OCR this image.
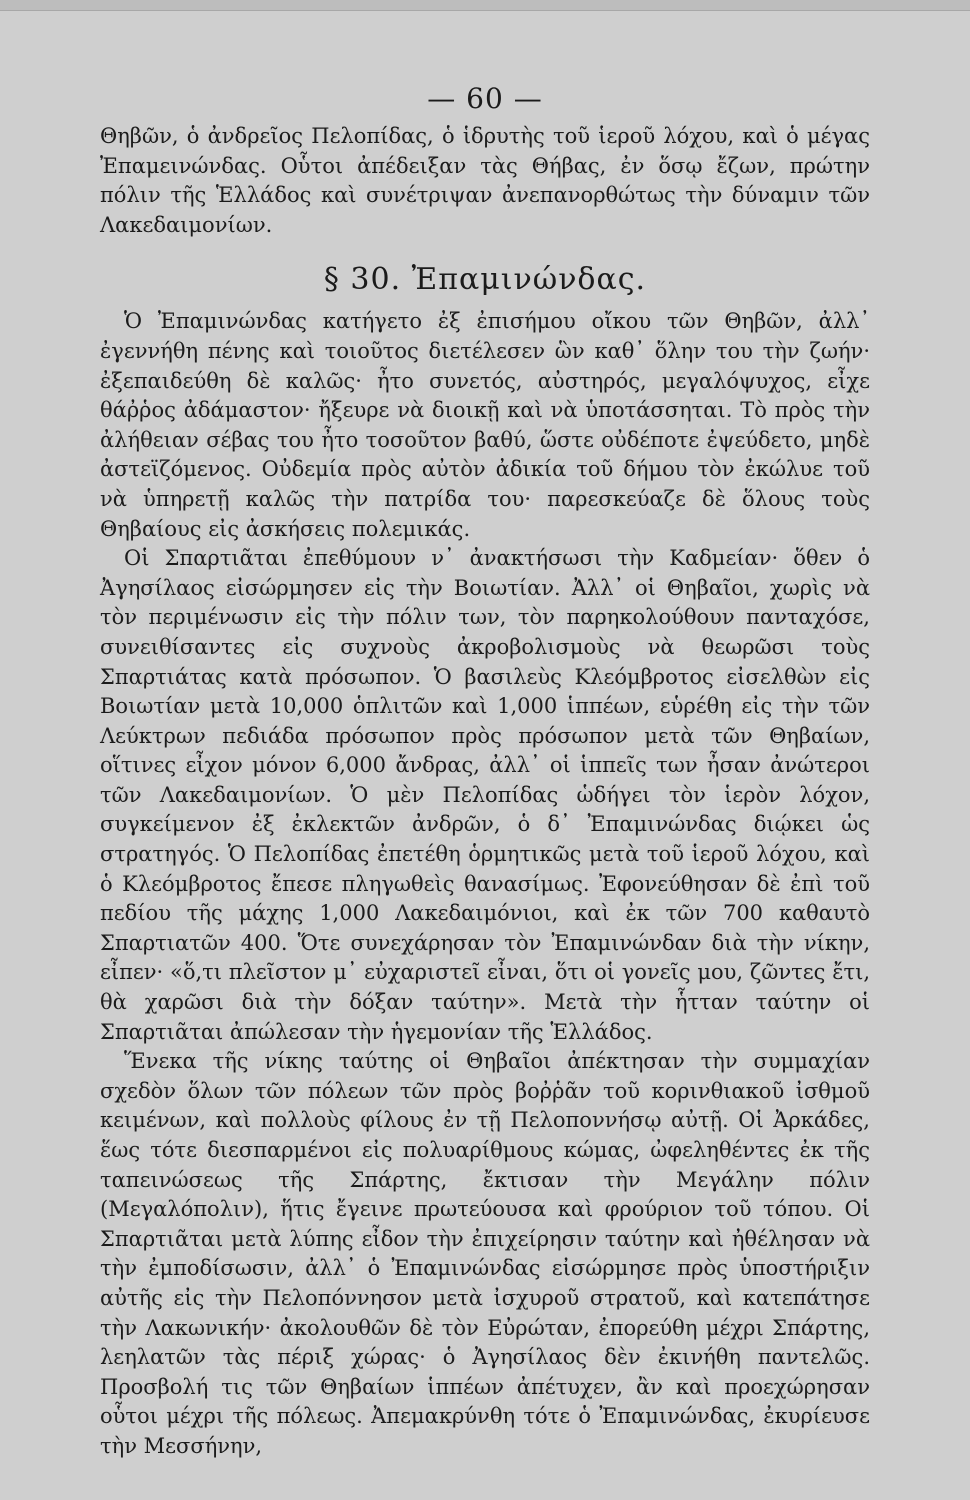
— 60 —

Θηβῶν, ὁ ἀνδρεῖος Πελοπίδας, ὁ ἱδρυτὴς τοῦ ἱεροῦ λόχου, καὶ ὁ μέγας Ἐπαμεινώνδας. Οὗτοι ἀπέδειξαν τὰς Θήβας, ἐν ὅσῳ ἔζων, πρώτην πόλιν τῆς Ἑλλάδος καὶ συνέτριψαν ἀνεπανορθώτως τὴν δύναμιν τῶν Λακεδαιμονίων.

§ 30. Ἐπαμινώνδας.

Ὁ Ἐπαμινώνδας κατήγετο ἐξ ἐπισήμου οἴκου τῶν Θηβῶν, ἀλλ᾽ ἐγεννήθη πένης καὶ τοιοῦτος διετέλεσεν ὣν καθ᾽ ὅλην του τὴν ζωήν· ἐξεπαιδεύθη δὲ καλῶς· ἦτο συνετός, αὐστηρός, μεγαλόψυχος, εἶχε θάῤῥος ἀδάμαστον· ἤξευρε νὰ διοικῇ καὶ νὰ ὑποτάσσηται. Τὸ πρὸς τὴν ἀλήθειαν σέβας του ἦτο τοσοῦτον βαθύ, ὥστε οὐδέποτε ἐψεύδετο, μηδὲ ἀστεϊζόμενος. Οὐδεμία πρὸς αὐτὸν ἀδικία τοῦ δήμου τὸν ἐκώλυε τοῦ νὰ ὑπηρετῇ καλῶς τὴν πατρίδα του· παρεσκεύαζε δὲ ὅλους τοὺς Θηβαίους εἰς ἀσκήσεις πολεμικάς.

Οἱ Σπαρτιᾶται ἐπεθύμουν ν᾽ ἀνακτήσωσι τὴν Καδμείαν· ὅθεν ὁ Ἀγησίλαος εἰσώρμησεν εἰς τὴν Βοιωτίαν. Ἀλλ᾽ οἱ Θηβαῖοι, χωρὶς νὰ τὸν περιμένωσιν εἰς τὴν πόλιν των, τὸν παρηκολούθουν πανταχόσε, συνειθίσαντες εἰς συχνοὺς ἀκροβολισμοὺς νὰ θεωρῶσι τοὺς Σπαρτιάτας κατὰ πρόσωπον. Ὁ βασιλεὺς Κλεόμβροτος εἰσελθὼν εἰς Βοιωτίαν μετὰ 10,000 ὁπλιτῶν καὶ 1,000 ἱππέων, εὑρέθη εἰς τὴν τῶν Λεύκτρων πεδιάδα πρόσωπον πρὸς πρόσωπον μετὰ τῶν Θηβαίων, οἵτινες εἶχον μόνον 6,000 ἄνδρας, ἀλλ᾽ οἱ ἱππεῖς των ἦσαν ἀνώτεροι τῶν Λακεδαιμονίων. Ὁ μὲν Πελοπίδας ὡδήγει τὸν ἱερὸν λόχον, συγκείμενον ἐξ ἐκλεκτῶν ἀνδρῶν, ὁ δ᾽ Ἐπαμινώνδας διῴκει ὡς στρατηγός. Ὁ Πελοπίδας ἐπετέθη ὁρμητικῶς μετὰ τοῦ ἱεροῦ λόχου, καὶ ὁ Κλεόμβροτος ἔπεσε πληγωθεὶς θανασίμως. Ἐφονεύθησαν δὲ ἐπὶ τοῦ πεδίου τῆς μάχης 1,000 Λακεδαιμόνιοι, καὶ ἐκ τῶν 700 καθαυτὸ Σπαρτιατῶν 400. Ὅτε συνεχάρησαν τὸν Ἐπαμινώνδαν διὰ τὴν νίκην, εἶπεν· «ὅ,τι πλεῖστον μ᾽ εὐχαριστεῖ εἶναι, ὅτι οἱ γονεῖς μου, ζῶντες ἔτι, θὰ χαρῶσι διὰ τὴν δόξαν ταύτην». Μετὰ τὴν ἧτταν ταύτην οἱ Σπαρτιᾶται ἀπώλεσαν τὴν ἡγεμονίαν τῆς Ἑλλάδος.

Ἕνεκα τῆς νίκης ταύτης οἱ Θηβαῖοι ἀπέκτησαν τὴν συμμαχίαν σχεδὸν ὅλων τῶν πόλεων τῶν πρὸς βοῤῥᾶν τοῦ κορινθιακοῦ ἰσθμοῦ κειμένων, καὶ πολλοὺς φίλους ἐν τῇ Πελοποννήσῳ αὐτῇ. Οἱ Ἀρκάδες, ἕως τότε διεσπαρμένοι εἰς πολυαρίθμους κώμας, ὠφεληθέντες ἐκ τῆς ταπεινώσεως τῆς Σπάρτης, ἔκτισαν τὴν Μεγάλην πόλιν (Μεγαλόπολιν), ἥτις ἔγεινε πρωτεύουσα καὶ φρούριον τοῦ τόπου. Οἱ Σπαρτιᾶται μετὰ λύπης εἶδον τὴν ἐπιχείρησιν ταύτην καὶ ἠθέλησαν νὰ τὴν ἐμποδίσωσιν, ἀλλ᾽ ὁ Ἐπαμινώνδας εἰσώρμησε πρὸς ὑποστήριξιν αὐτῆς εἰς τὴν Πελοπόννησον μετὰ ἰσχυροῦ στρατοῦ, καὶ κατεπάτησε τὴν Λακωνικήν· ἀκολουθῶν δὲ τὸν Εὐρώταν, ἐπορεύθη μέχρι Σπάρτης, λεηλατῶν τὰς πέριξ χώρας· ὁ Ἀγησίλαος δὲν ἐκινήθη παντελῶς. Προσβολή τις τῶν Θηβαίων ἱππέων ἀπέτυχεν, ἂν καὶ προεχώρησαν οὗτοι μέχρι τῆς πόλεως. Ἀπεμακρύνθη τότε ὁ Ἐπαμινώνδας, ἐκυρίευσε τὴν Μεσσήνην,
